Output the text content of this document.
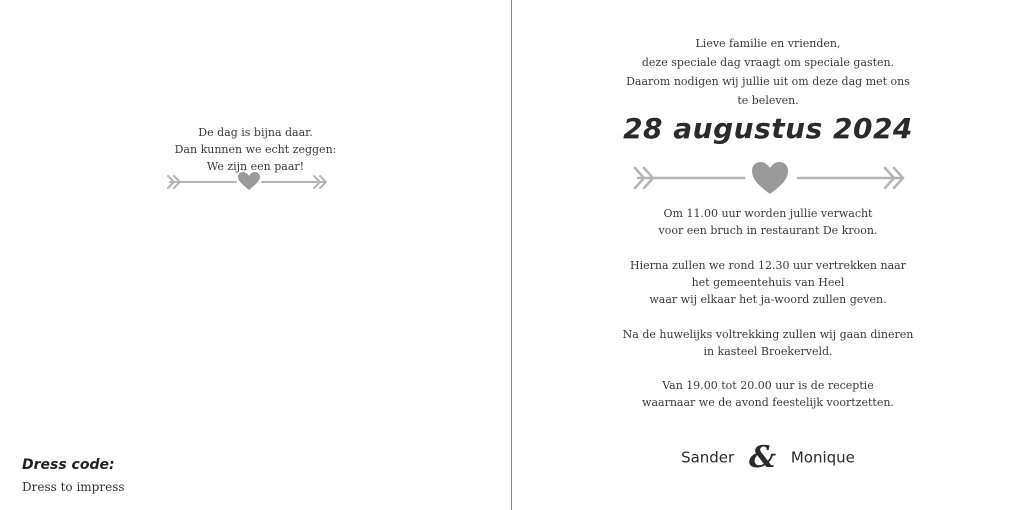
De dag is bijna daar.
Dan kunnen we echt zeggen:
We zijn een paar!
Dress code:
Dress to impress
Lieve familie en vrienden,
deze speciale dag vraagt om speciale gasten.
Daarom nodigen wij jullie uit om deze dag met ons
te beleven.
28 augustus 2024
Om 11.00 uur worden jullie verwacht
voor een bruch in restaurant De kroon.
Hierna zullen we rond 12.30 uur vertrekken naar
het gemeentehuis van Heel
waar wij elkaar het ja-woord zullen geven.
Na de huwelijks voltrekking zullen wij gaan dineren
in kasteel Broekerveld.
Van 19.00 tot 20.00 uur is de receptie
waarnaar we de avond feestelijk voortzetten.
Sander & Monique
